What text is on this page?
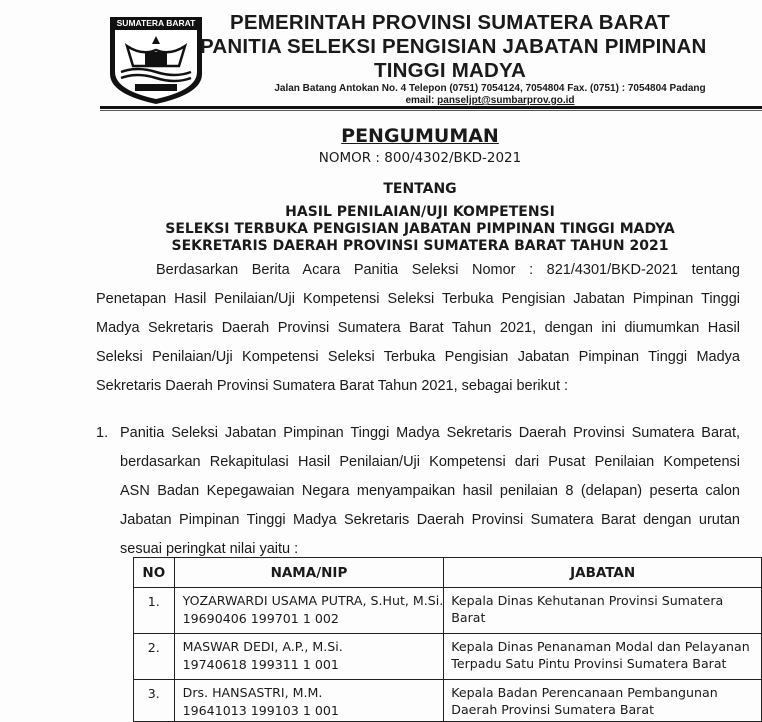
SUMATERA BARAT	PEMERINTAH PROVINSI SUMATERA BARAT
PANITIA SELEKSI PENGISIAN JABATAN PIMPINAN
TINGGI MADYA
Jalan Batang Antokan No. 4 Telepon (0751) 7054124, 7054804 Fax. (0751) : 7054804 Padang
email: panseljpt@sumbarprov.go.id
PENGUMUMAN
NOMOR : 800/4302/BKD-2021
TENTANG
HASIL PENILAIAN/UJI KOMPETENSI
SELEKSI TERBUKA PENGISIAN JABATAN PIMPINAN TINGGI MADYA
SEKRETARIS DAERAH PROVINSI SUMATERA BARAT TAHUN 2021
Berdasarkan Berita Acara Panitia Seleksi Nomor : 821/4301/BKD-2021 tentang
Penetapan Hasil Penilaian/Uji Kompetensi Seleksi Terbuka Pengisian Jabatan Pimpinan Tinggi
Madya Sekretaris Daerah Provinsi Sumatera Barat Tahun 2021, dengan ini diumumkan Hasil
Seleksi Penilaian/Uji Kompetensi Seleksi Terbuka Pengisian Jabatan Pimpinan Tinggi Madya
Sekretaris Daerah Provinsi Sumatera Barat Tahun 2021, sebagai berikut :
1. Panitia Seleksi Jabatan Pimpinan Tinggi Madya Sekretaris Daerah Provinsi Sumatera Barat,
berdasarkan Rekapitulasi Hasil Penilaian/Uji Kompetensi dari Pusat Penilaian Kompetensi
ASN Badan Kepegawaian Negara menyampaikan hasil penilaian 8 (delapan) peserta calon
Jabatan Pimpinan Tinggi Madya Sekretaris Daerah Provinsi Sumatera Barat dengan urutan
sesuai peringkat nilai yaitu :
NO	NAMA/NIP	JABATAN
1.	YOZARWARDI USAMA PUTRA, S.Hut, M.Si.
19690406 199701 1 002	Kepala Dinas Kehutanan Provinsi Sumatera Barat
2.	MASWAR DEDI, A.P., M.Si.
19740618 199311 1 001	Kepala Dinas Penanaman Modal dan Pelayanan Terpadu Satu Pintu Provinsi Sumatera Barat
3.	Drs. HANSASTRI, M.M.
19641013 199103 1 001	Kepala Badan Perencanaan Pembangunan Daerah Provinsi Sumatera Barat
